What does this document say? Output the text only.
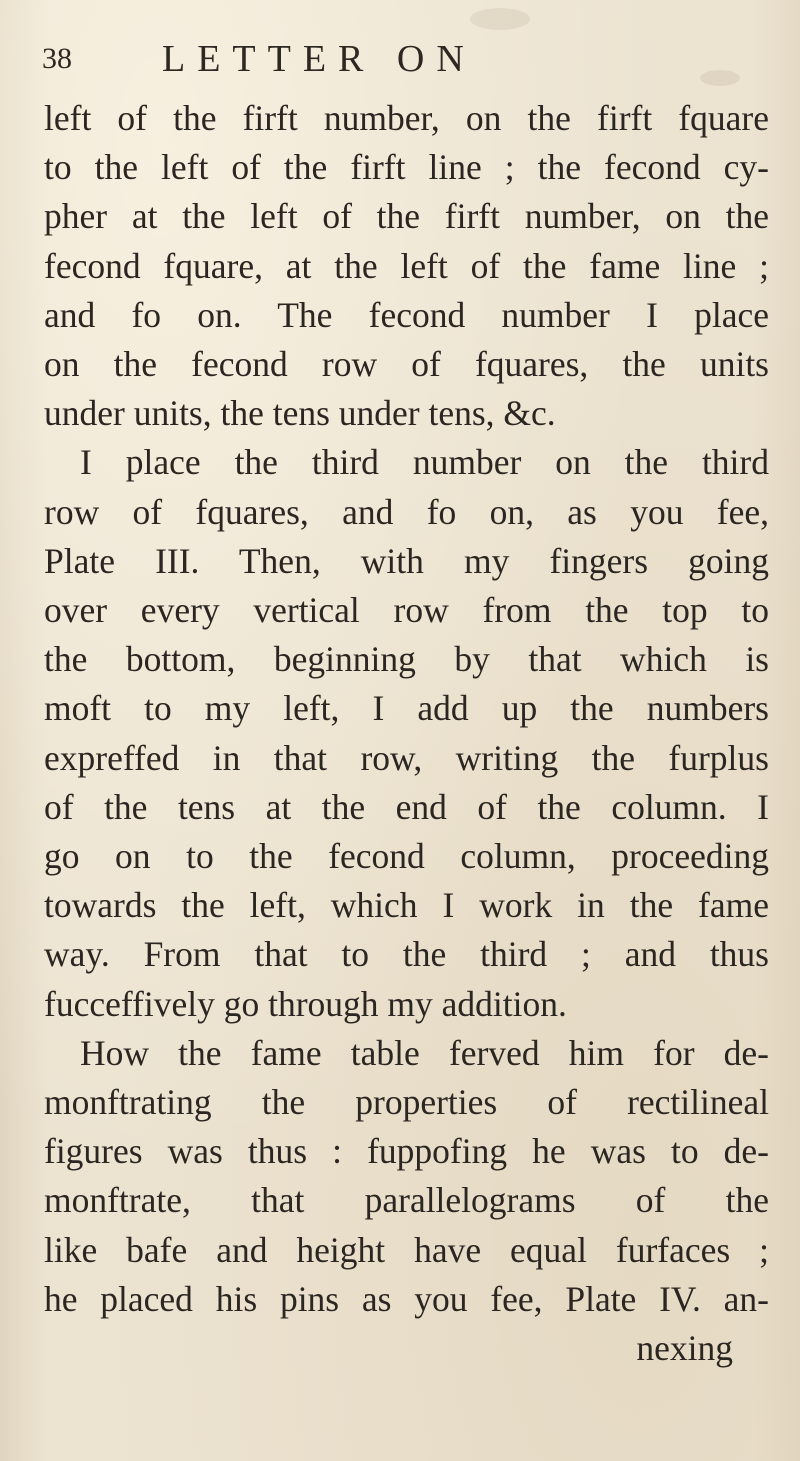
38	LETTER ON
left of the firft number, on the firft fquare
to the left of the firft line ; the fecond cy-
pher at the left of the firft number, on the
fecond fquare, at the left of the fame line ;
and fo on. The fecond number I place
on the fecond row of fquares, the units
under units, the tens under tens, &c.
I place the third number on the third
row of fquares, and fo on, as you fee,
Plate III. Then, with my fingers going
over every vertical row from the top to
the bottom, beginning by that which is
moft to my left, I add up the numbers
expreffed in that row, writing the furplus
of the tens at the end of the column. I
go on to the fecond column, proceeding
towards the left, which I work in the fame
way. From that to the third ; and thus
fucceffively go through my addition.
How the fame table ferved him for de-
monftrating the properties of rectilineal
figures was thus : fuppofing he was to de-
monftrate, that parallelograms of the
like bafe and height have equal furfaces ;
he placed his pins as you fee, Plate IV. an-
nexing
